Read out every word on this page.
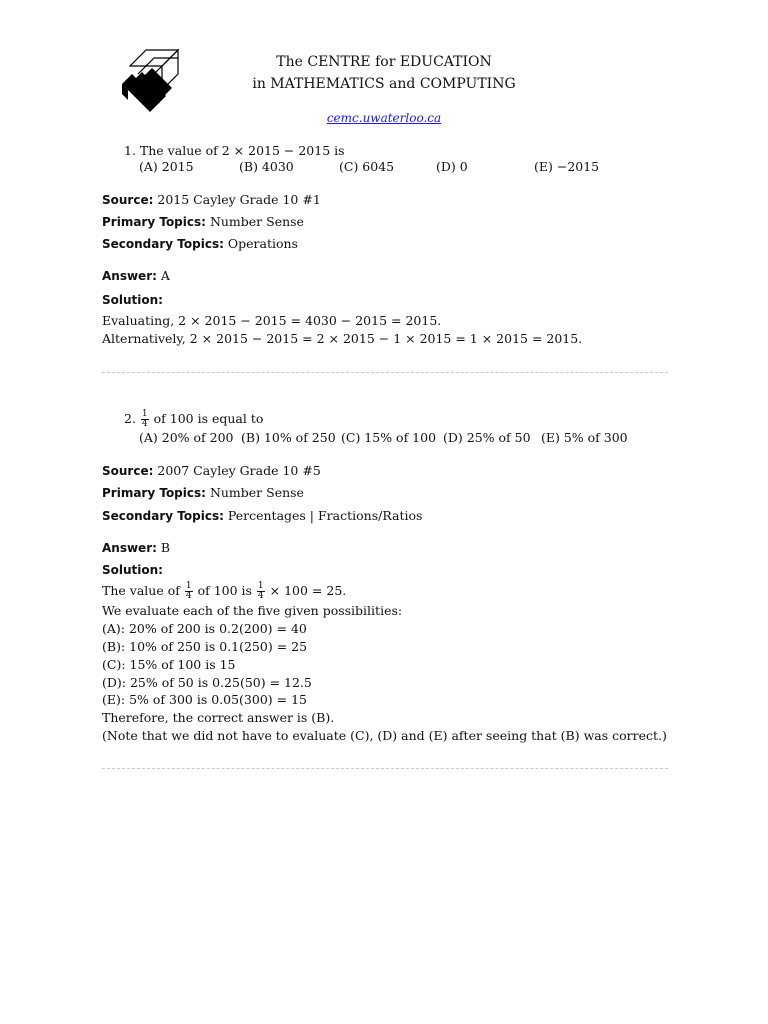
The CENTRE for EDUCATION
in MATHEMATICS and COMPUTING
cemc.uwaterloo.ca
1. The value of 2 × 2015 − 2015 is
(A) 2015	(B) 4030	(C) 6045	(D) 0	(E) −2015
Source: 2015 Cayley Grade 10 #1
Primary Topics: Number Sense
Secondary Topics: Operations
Answer: A
Solution:
Evaluating, 2 × 2015 − 2015 = 4030 − 2015 = 2015.
Alternatively, 2 × 2015 − 2015 = 2 × 2015 − 1 × 2015 = 1 × 2015 = 2015.
2. $\frac{1}{4}$ of 100 is equal to
(A) 20% of 200 (B) 10% of 250 (C) 15% of 100 (D) 25% of 50 (E) 5% of 300
Source: 2007 Cayley Grade 10 #5
Primary Topics: Number Sense
Secondary Topics: Percentages | Fractions/Ratios
Answer: B
Solution:
The value of $\frac{1}{4}$ of 100 is $\frac{1}{4} \times 100 = 25$.
We evaluate each of the five given possibilities:
(A): 20% of 200 is 0.2(200) = 40
(B): 10% of 250 is 0.1(250) = 25
(C): 15% of 100 is 15
(D): 25% of 50 is 0.25(50) = 12.5
(E): 5% of 300 is 0.05(300) = 15
Therefore, the correct answer is (B).
(Note that we did not have to evaluate (C), (D) and (E) after seeing that (B) was correct.)
